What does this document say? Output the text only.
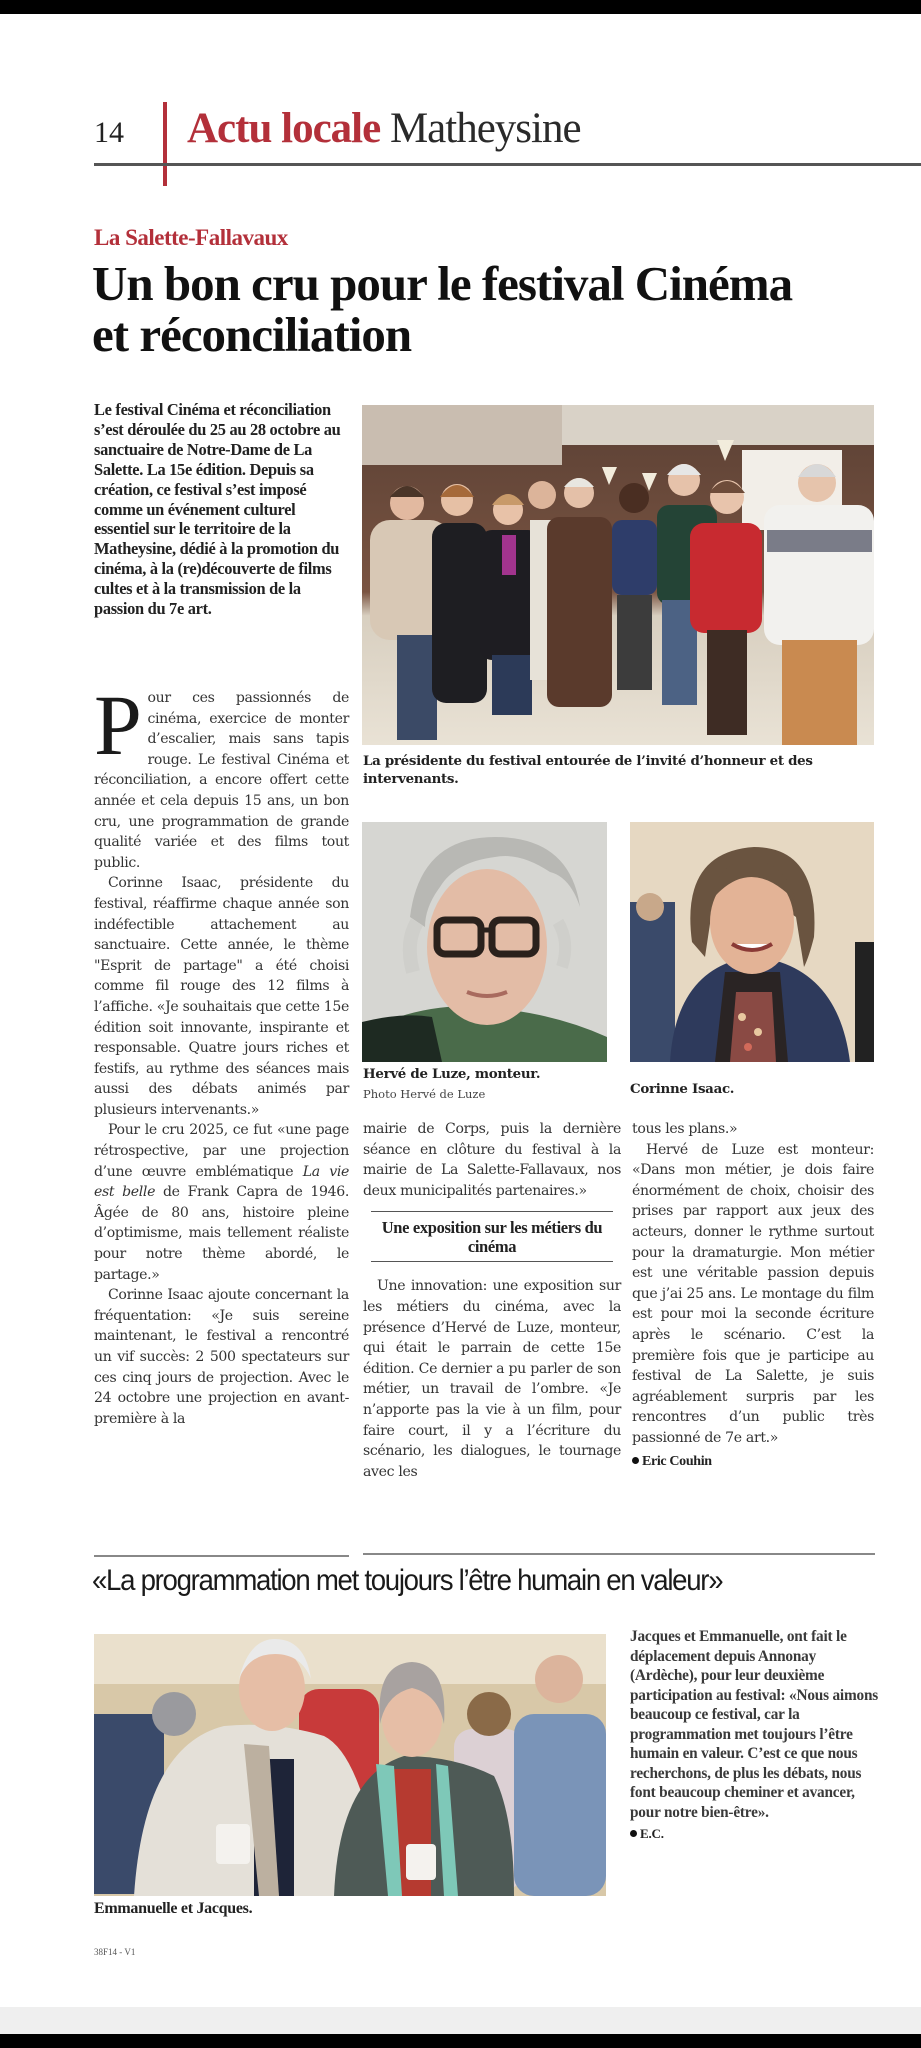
14 Actu locale Matheysine
La Salette-Fallavaux
Un bon cru pour le festival Cinéma et réconciliation
Le festival Cinéma et réconciliation s’est déroulée du 25 au 28 octobre au sanctuaire de Notre-Dame de La Salette. La 15e édition. Depuis sa création, ce festival s’est imposé comme un événement culturel essentiel sur le territoire de la Matheysine, dédié à la promotion du cinéma, à la (re)découverte de films cultes et à la transmission de la passion du 7e art.
La présidente du festival entourée de l’invité d’honneur et des intervenants.
Hervé de Luze, monteur.
Photo Hervé de Luze	Corinne Isaac.

Pour ces passionnés de cinéma, exercice de monter d’escalier, mais sans tapis rouge. Le festival Cinéma et réconciliation, a encore offert cette année et cela depuis 15 ans, un bon cru, une programmation de grande qualité variée et des films tout public.

Corinne Isaac, présidente du festival, réaffirme chaque année son indéfectible attachement au sanctuaire. Cette année, le thème "Esprit de partage" a été choisi comme fil rouge des 12 films à l’affiche. «Je souhaitais que cette 15e édition soit innovante, inspirante et responsable. Quatre jours riches et festifs, au rythme des séances mais aussi des débats animés par plusieurs intervenants.»

Pour le cru 2025, ce fut «une page rétrospective, par une projection d’une œuvre emblématique La vie est belle de Frank Capra de 1946. Âgée de 80 ans, histoire pleine d’optimisme, mais tellement réaliste pour notre thème abordé, le partage.»

Corinne Isaac ajoute concernant la fréquentation: «Je suis sereine maintenant, le festival a rencontré un vif succès: 2 500 spectateurs sur ces cinq jours de projection. Avec le 24 octobre une projection en avant-première à la

mairie de Corps, puis la dernière séance en clôture du festival à la mairie de La Salette-Fallavaux, nos deux municipalités partenaires.»

Une exposition sur les métiers du cinéma

Une innovation: une exposition sur les métiers du cinéma, avec la présence d’Hervé de Luze, monteur, qui était le parrain de cette 15e édition. Ce dernier a pu parler de son métier, un travail de l’ombre. «Je n’apporte pas la vie à un film, pour faire court, il y a l’écriture du scénario, les dialogues, le tournage avec les

tous les plans.»

Hervé de Luze est monteur: «Dans mon métier, je dois faire énormément de choix, choisir des prises par rapport aux jeux des acteurs, donner le rythme surtout pour la dramaturgie. Mon métier est une véritable passion depuis que j’ai 25 ans. Le montage du film est pour moi la seconde écriture après le scénario. C’est la première fois que je participe au festival de La Salette, je suis agréablement surpris par les rencontres d’un public très passionné de 7e art.»

Eric Couhin
«La programmation met toujours l’être humain en valeur»
Emmanuelle et Jacques.
Jacques et Emmanuelle, ont fait le déplacement depuis Annonay (Ardèche), pour leur deuxième participation au festival: «Nous aimons beaucoup ce festival, car la programmation met toujours l’être humain en valeur. C’est ce que nous recherchons, de plus les débats, nous font beaucoup cheminer et avancer, pour notre bien-être».
E.C.
38F14 - V1
